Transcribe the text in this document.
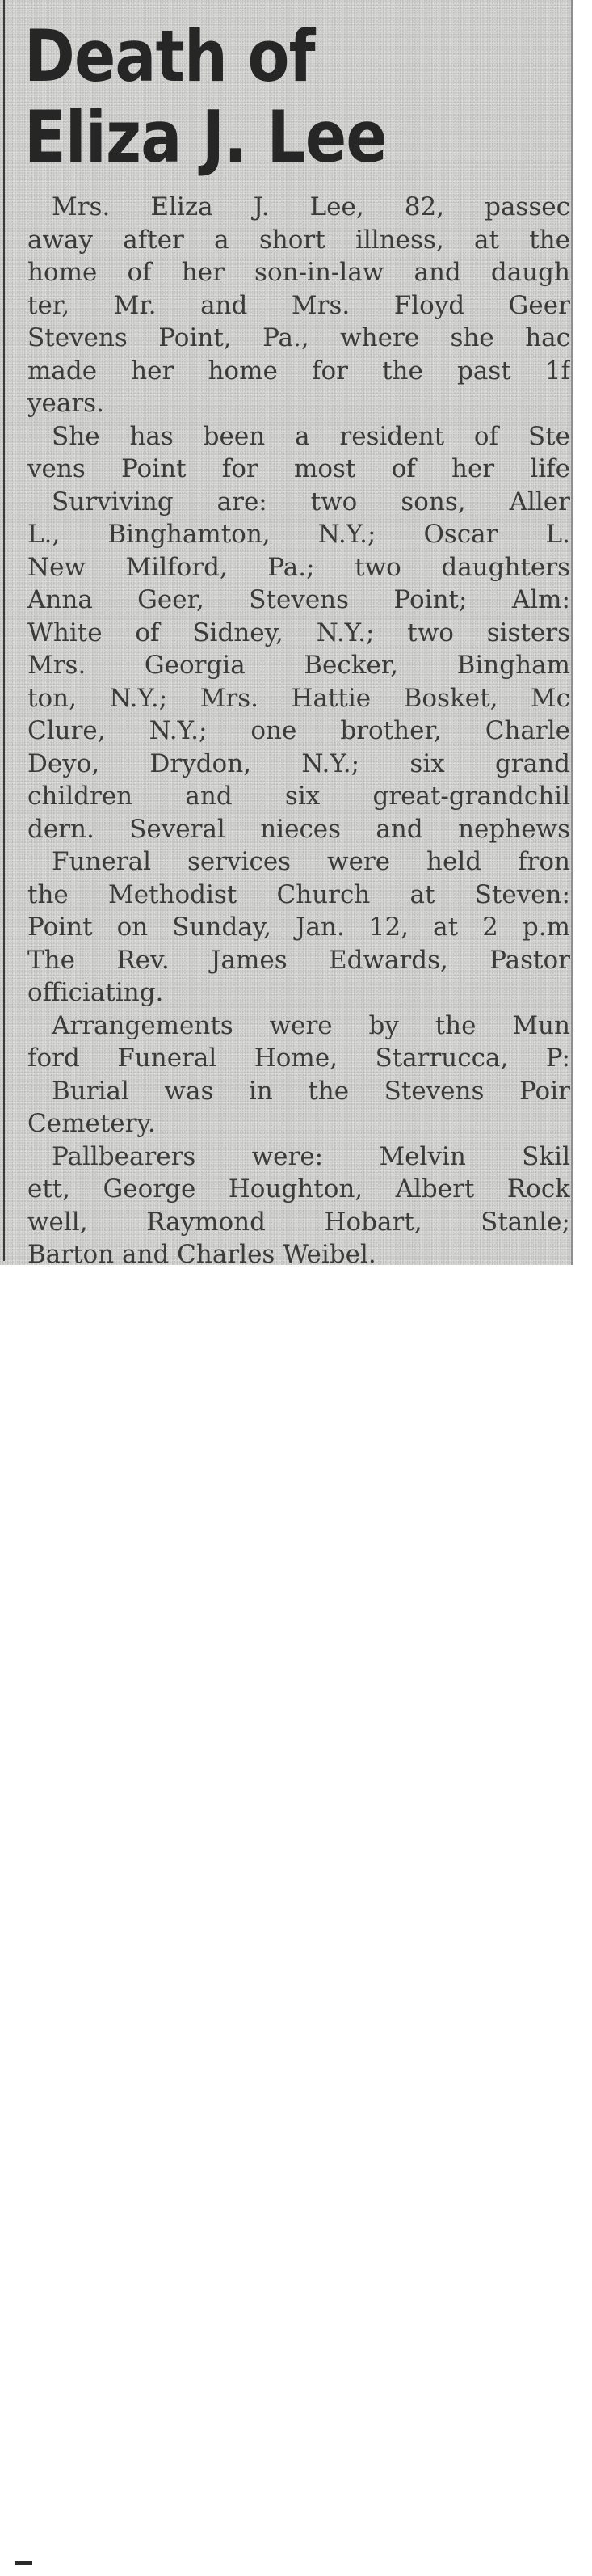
Death of
Eliza J. Lee
Mrs. Eliza J. Lee, 82, passec
away after a short illness, at the
home of her son-in-law and daugh
ter, Mr. and Mrs. Floyd Geer
Stevens Point, Pa., where she hac
made her home for the past 1f
years.
She has been a resident of Ste
vens Point for most of her life
Surviving are: two sons, Aller
L., Binghamton, N.Y.; Oscar L.
New Milford, Pa.; two daughters
Anna Geer, Stevens Point; Alm:
White of Sidney, N.Y.; two sisters
Mrs. Georgia Becker, Bingham
ton, N.Y.; Mrs. Hattie Bosket, Mc
Clure, N.Y.; one brother, Charle
Deyo, Drydon, N.Y.; six grand
children and six great-grandchil
dern. Several nieces and nephews
Funeral services were held fron
the Methodist Church at Steven:
Point on Sunday, Jan. 12, at 2 p.m
The Rev. James Edwards, Pastor
officiating.
Arrangements were by the Mun
ford Funeral Home, Starrucca, P:
Burial was in the Stevens Poir
Cemetery.
Pallbearers were: Melvin Skil
ett, George Houghton, Albert Rock
well, Raymond Hobart, Stanle;
Barton and Charles Weibel.
